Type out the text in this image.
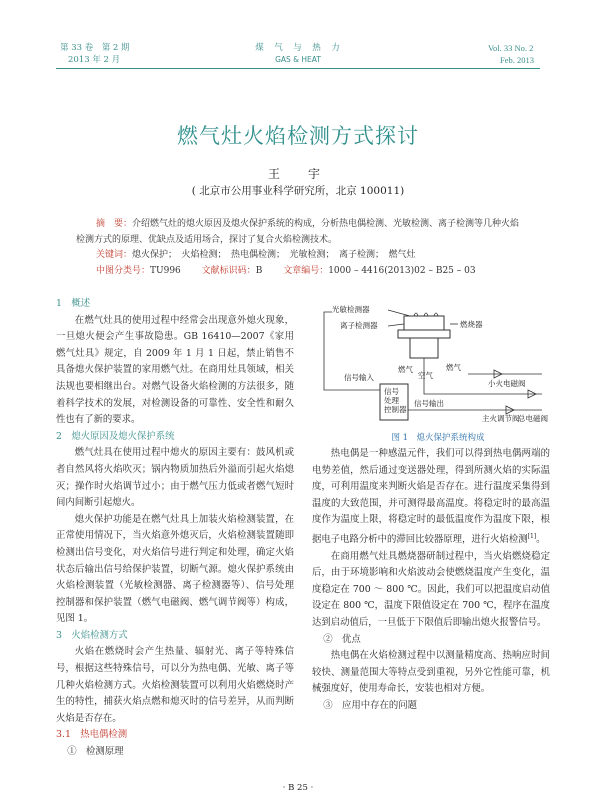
第 33 卷　第 2 期
2013 年 2 月
煤　气　与　热　力
GAS & HEAT
Vol. 33 No. 2
Feb. 2013
燃气灶火焰检测方式探讨
王　宇
( 北京市公用事业科学研究所，北京 100011)
摘　要：介绍燃气灶的熄火原因及熄火保护系统的构成，分析热电偶检测、光敏检测、离子检测等几种火焰检测方式的原理、优缺点及适用场合，探讨了复合火焰检测技术。
关键词：熄火保护；　火焰检测；　热电偶检测；　光敏检测；　离子检测；　燃气灶
中图分类号：TU996 文献标识码：B 文章编号：1000 – 4416(2013)02 – B25 – 03
1　概述

在燃气灶具的使用过程中经常会出现意外熄火现象，一旦熄火便会产生事故隐患。GB 16410—2007《家用燃气灶具》规定，自 2009 年 1 月 1 日起，禁止销售不具备熄火保护装置的家用燃气灶。在商用灶具领域，相关法规也要相继出台。对燃气设备火焰检测的方法很多，随着科学技术的发展，对检测设备的可靠性、安全性和耐久性也有了新的要求。

2　熄火原因及熄火保护系统

燃气灶具在使用过程中熄火的原因主要有：鼓风机或者自然风将火焰吹灭；锅内物质加热后外溢而引起火焰熄灭；操作时火焰调节过小；由于燃气压力低或者燃气短时间内间断引起熄火。

熄火保护功能是在燃气灶具上加装火焰检测装置，在正常使用情况下，当火焰意外熄灭后，火焰检测装置随即检测出信号变化，对火焰信号进行判定和处理，确定火焰状态后输出信号给保护装置，切断气源。熄火保护系统由火焰检测装置（光敏检测器、离子检测器等）、信号处理控制器和保护装置（燃气电磁阀、燃气调节阀等）构成，见图 1。

3　火焰检测方式

火焰在燃烧时会产生热量、辐射光、离子等特殊信号，根据这些特殊信号，可以分为热电偶、光敏、离子等几种火焰检测方式。火焰检测装置可以利用火焰燃烧时产生的特性，捕获火焰点燃和熄灭时的信号差异，从而判断火焰是否存在。

3.1　热电偶检测
①　检测原理
光敏检测器
离子检测器	燃烧器
信号 处理 控制器
信号输入
信号输出
燃气
空气
燃气
小火电磁阀
主火调节阀
总电磁阀
图 1　熄火保护系统构成

热电偶是一种感温元件，我们可以得到热电偶两端的电势差值，然后通过变送器处理，得到所测火焰的实际温度，可利用温度来判断火焰是否存在。进行温度采集得到温度的大致范围，并可测得最高温度。将稳定时的最高温度作为温度上限，将稳定时的最低温度作为温度下限，根据电子电路分析中的滞回比较器原理，进行火焰检测[1]。

在商用燃气灶具燃烧器研制过程中，当火焰燃烧稳定后，由于环境影响和火焰波动会使燃烧温度产生变化，温度稳定在 700 ～ 800 ℃。因此，我们可以把温度启动值设定在 800 ℃，温度下限值设定在 700 ℃，程序在温度达到启动值后，一旦低于下限值后即输出熄火报警信号。

②　优点

热电偶在火焰检测过程中以测量精度高、热响应时间较快、测量范围大等特点受到重视，另外它性能可靠，机械强度好，使用寿命长，安装也相对方便。

③　应用中存在的问题
· B 25 ·
